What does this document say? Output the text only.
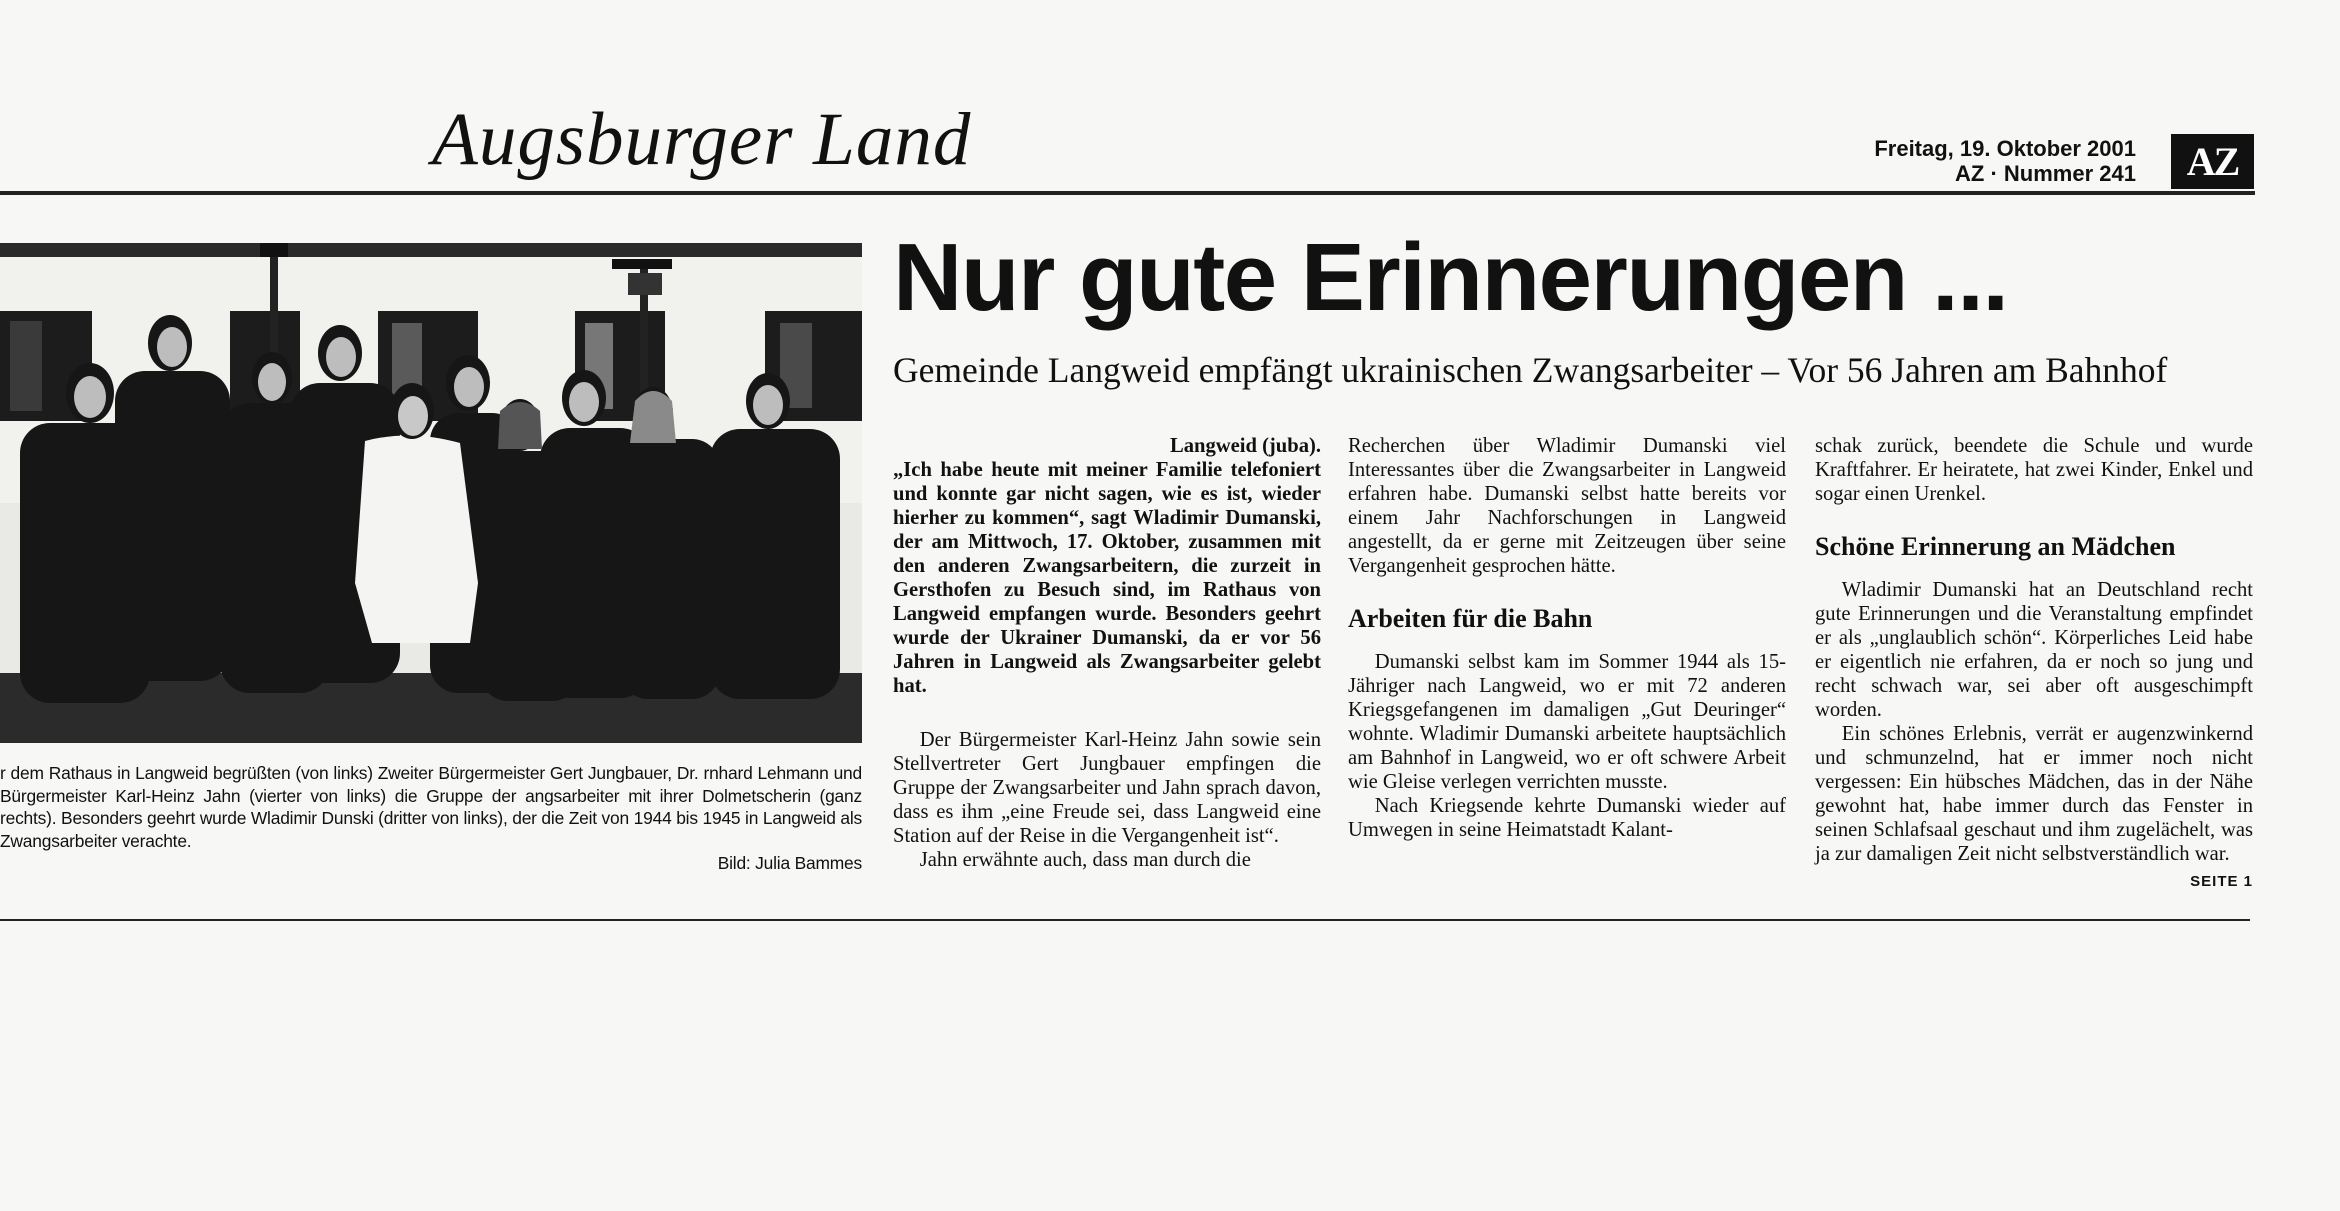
Augsburger Land	Freitag, 19. Oktober 2001
AZ · Nummer 241	AZ
r dem Rathaus in Langweid begrüßten (von links) Zweiter Bürgermeister Gert Jungbauer, Dr. rnhard Lehmann und Bürgermeister Karl-Heinz Jahn (vierter von links) die Gruppe der angsarbeiter mit ihrer Dolmetscherin (ganz rechts). Besonders geehrt wurde Wladimir Dunski (dritter von links), der die Zeit von 1944 bis 1945 in Langweid als Zwangsarbeiter verachte.
Bild: Julia Bammes
Nur gute Erinnerungen ...
Gemeinde Langweid empfängt ukrainischen Zwangsarbeiter – Vor 56 Jahren am Bahnhof

Langweid (juba).
„Ich habe heute mit meiner Familie telefoniert und konnte gar nicht sagen, wie es ist, wieder hierher zu kommen“, sagt Wladimir Dumanski, der am Mittwoch, 17. Oktober, zusammen mit den anderen Zwangsarbeitern, die zurzeit in Gersthofen zu Besuch sind, im Rathaus von Langweid empfangen wurde. Besonders geehrt wurde der Ukrainer Dumanski, da er vor 56 Jahren in Langweid als Zwangsarbeiter gelebt hat.

Der Bürgermeister Karl-Heinz Jahn sowie sein Stellvertreter Gert Jungbauer empfingen die Gruppe der Zwangsarbeiter und Jahn sprach davon, dass es ihm „eine Freude sei, dass Langweid eine Station auf der Reise in die Vergangenheit ist“.

Jahn erwähnte auch, dass man durch die

Recherchen über Wladimir Dumanski viel Interessantes über die Zwangsarbeiter in Langweid erfahren habe. Dumanski selbst hatte bereits vor einem Jahr Nachforschungen in Langweid angestellt, da er gerne mit Zeitzeugen über seine Vergangenheit gesprochen hätte.

Arbeiten für die Bahn

Dumanski selbst kam im Sommer 1944 als 15-Jähriger nach Langweid, wo er mit 72 anderen Kriegsgefangenen im damaligen „Gut Deuringer“ wohnte. Wladimir Dumanski arbeitete hauptsächlich am Bahnhof in Langweid, wo er oft schwere Arbeit wie Gleise verlegen verrichten musste.

Nach Kriegsende kehrte Dumanski wieder auf Umwegen in seine Heimatstadt Kalant-

schak zurück, beendete die Schule und wurde Kraftfahrer. Er heiratete, hat zwei Kinder, Enkel und sogar einen Urenkel.

Schöne Erinnerung an Mädchen

Wladimir Dumanski hat an Deutschland recht gute Erinnerungen und die Veranstaltung empfindet er als „unglaublich schön“. Körperliches Leid habe er eigentlich nie erfahren, da er noch so jung und recht schwach war, sei aber oft ausgeschimpft worden.

Ein schönes Erlebnis, verrät er augenzwinkernd und schmunzelnd, hat er immer noch nicht vergessen: Ein hübsches Mädchen, das in der Nähe gewohnt hat, habe immer durch das Fenster in seinen Schlafsaal geschaut und ihm zugelächelt, was ja zur damaligen Zeit nicht selbstverständlich war.
SEITE 1
